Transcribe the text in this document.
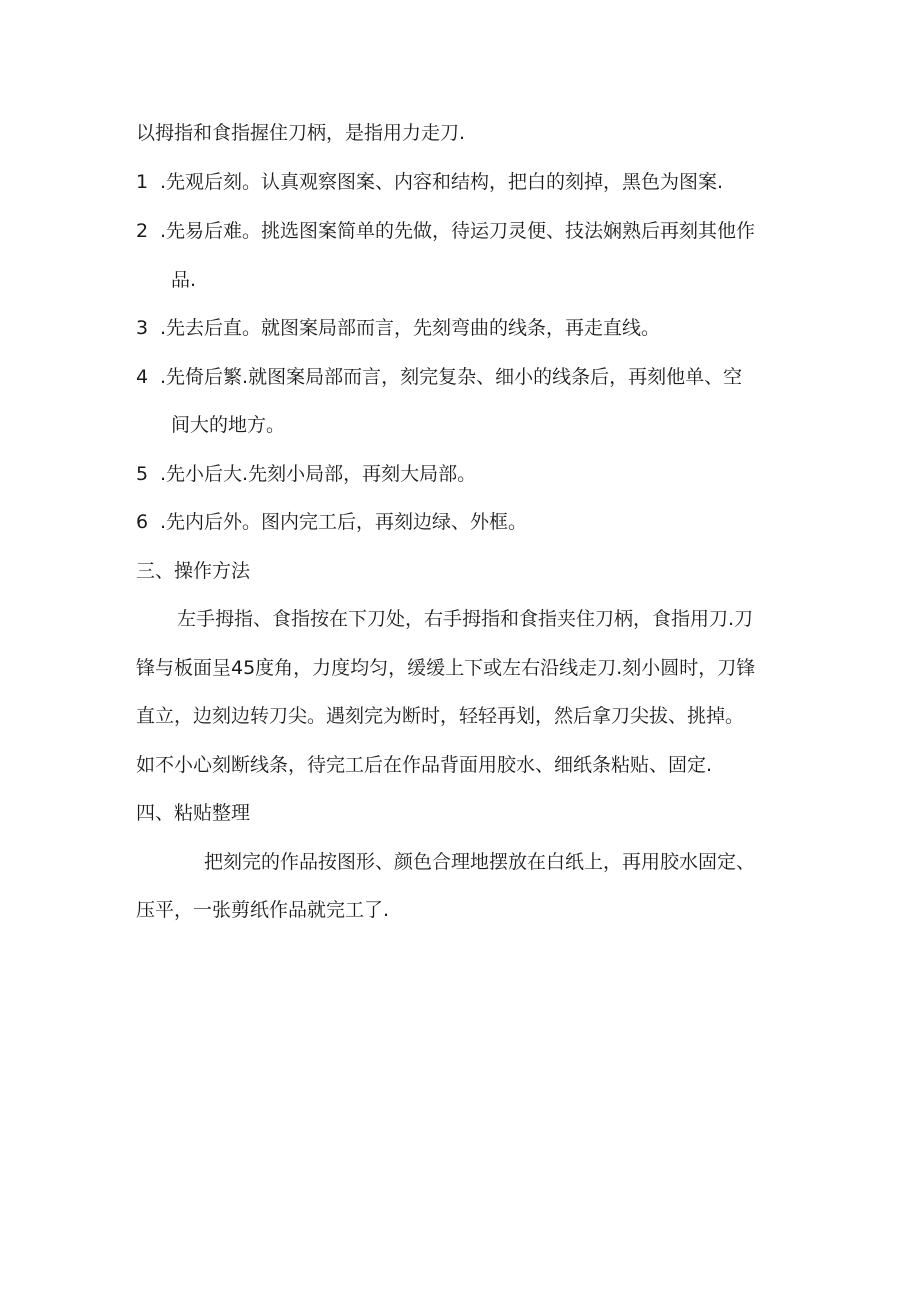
以拇指和食指握住刀柄，是指用力走刀.
1 .先观后刻。认真观察图案、内容和结构，把白的刻掉，黑色为图案.
2 .先易后难。挑选图案简单的先做，待运刀灵便、技法娴熟后再刻其他作
品.
3 .先去后直。就图案局部而言，先刻弯曲的线条，再走直线。
4 .先倚后繁.就图案局部而言，刻完复杂、细小的线条后，再刻他单、空
间大的地方。
5 .先小后大.先刻小局部，再刻大局部。
6 .先内后外。图内完工后，再刻边绿、外框。
三、操作方法
左手拇指、食指按在下刀处，右手拇指和食指夹住刀柄，食指用刀.刀
锋与板面呈45度角，力度均匀，缓缓上下或左右沿线走刀.刻小圆时，刀锋
直立，边刻边转刀尖。遇刻完为断时，轻轻再划，然后拿刀尖拔、挑掉。
如不小心刻断线条，待完工后在作品背面用胶水、细纸条粘贴、固定.
四、粘贴整理
把刻完的作品按图形、颜色合理地摆放在白纸上，再用胶水固定、
压平，一张剪纸作品就完工了.
